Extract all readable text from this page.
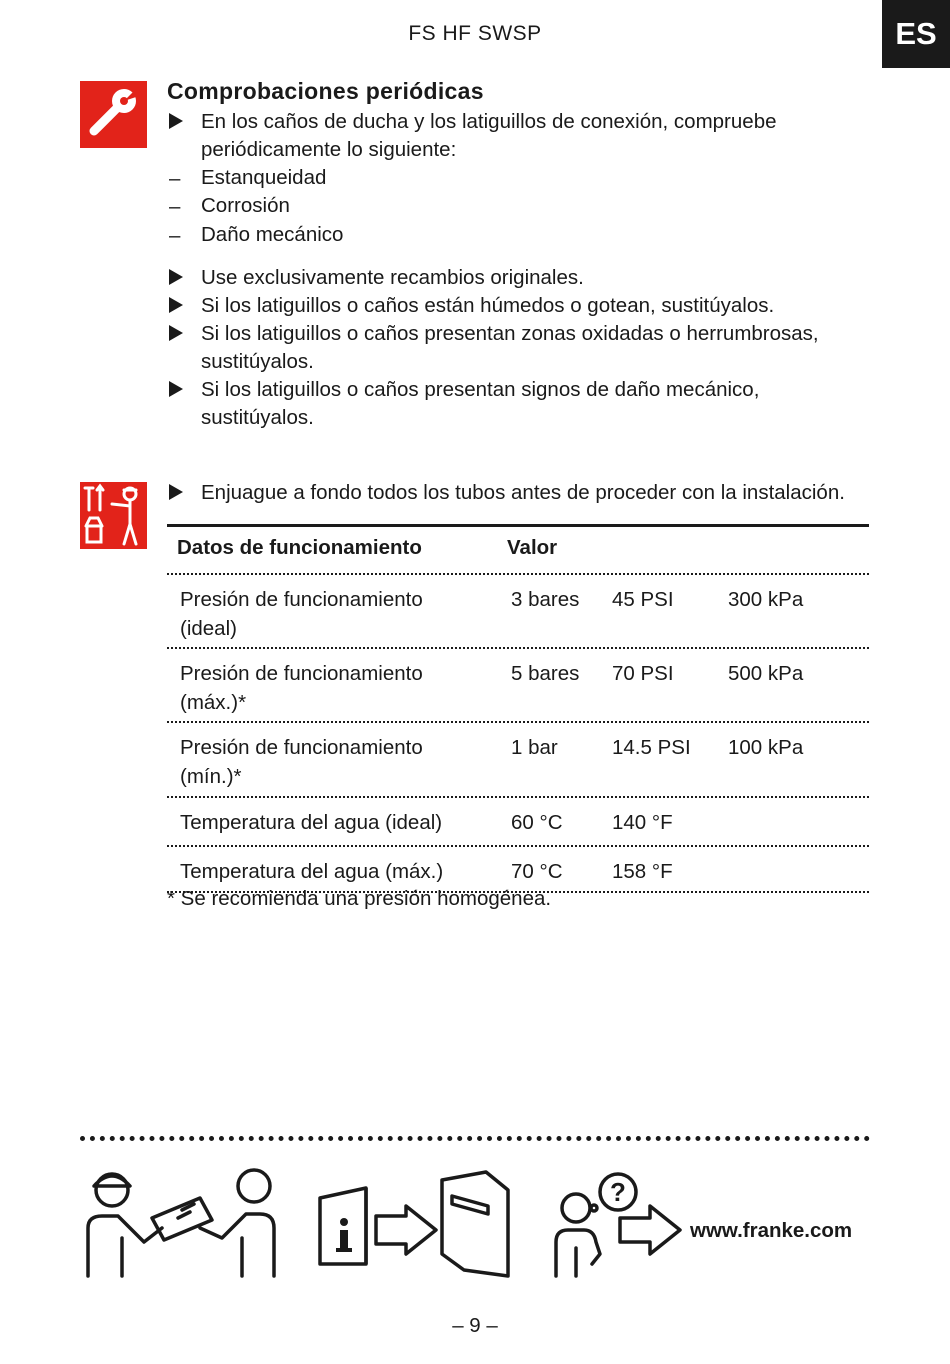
FS HF SWSP	ES
Comprobaciones periódicas
En los caños de ducha y los latiguillos de conexión, compruebe
periódicamente lo siguiente:
– Estanqueidad
– Corrosión
– Daño mecánico
Use exclusivamente recambios originales.
Si los latiguillos o caños están húmedos o gotean, sustitúyalos.
Si los latiguillos o caños presentan zonas oxidadas o herrumbrosas,
sustitúyalos.
Si los latiguillos o caños presentan signos de daño mecánico,
sustitúyalos.
Enjuague a fondo todos los tubos antes de proceder con la instalación.
Datos de funcionamiento	Valor
Presión de funcionamiento
(ideal)
3 bares 45 PSI	300 kPa
Presión de funcionamiento
(máx.)*
5 bares 70 PSI	500 kPa
Presión de funcionamiento
(mín.)*
1 bar	14.5 PSI 100 kPa
Temperatura del agua (ideal)	60 °C 140 °F
Temperatura del agua (máx.)	70 °C 158 °F
* Se recomienda una presión homogénea.
?
www.franke.com
– 9 –
